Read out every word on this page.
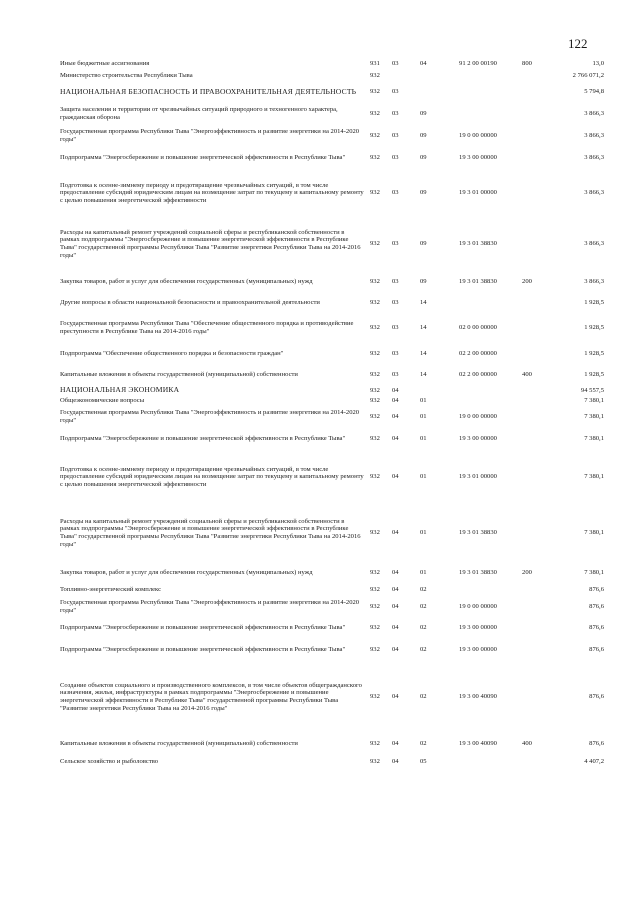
122
Иные бюджетные ассигнования	931	03	04	91 2 00 00190	800	13,0
Министерство строительства Республики Тыва	932					2 766 071,2
НАЦИОНАЛЬНАЯ БЕЗОПАСНОСТЬ И ПРАВООХРАНИТЕЛЬНАЯ ДЕЯТЕЛЬНОСТЬ	932	03				5 794,8
Защита населения и территории от чрезвычайных ситуаций природного и техногенного характера, гражданская оборона	932	03	09			3 866,3
Государственная программа Республики Тыва "Энергоэффективность и развитие энергетики на 2014-2020 годы"	932	03	09	19 0 00 00000		3 866,3
Подпрограмма "Энергосбережение и повышение энергетической эффективности в Республике Тыва"	932	03	09	19 3 00 00000		3 866,3
Подготовка к осенне-зимнему периоду и предотвращение чрезвычайных ситуаций, в том числе предоставление субсидий юридическим лицам на возмещение затрат по текущему и капитальному ремонту с целью повышения энергетической эффективности	932	03	09	19 3 01 00000		3 866,3
Расходы на капитальный ремонт учреждений социальной сферы и республиканской собственности в рамках подпрограммы "Энергосбережение и повышение энергетической эффективности в Республике Тыва" государственной программы Республики Тыва "Развитие энергетики Республики Тыва на 2014-2016 годы"	932	03	09	19 3 01 38830		3 866,3
Закупка товаров, работ и услуг для обеспечения государственных (муниципальных) нужд	932	03	09	19 3 01 38830	200	3 866,3
Другие вопросы в области национальной безопасности и правоохранительной деятельности	932	03	14			1 928,5
Государственная программа Республики Тыва "Обеспечение общественного порядка и противодействие преступности в Республике Тыва на 2014-2016 годы"	932	03	14	02 0 00 00000		1 928,5
Подпрограмма "Обеспечение общественного порядка и безопасности граждан"	932	03	14	02 2 00 00000		1 928,5
Капитальные вложения в объекты государственной (муниципальной) собственности	932	03	14	02 2 00 00000	400	1 928,5
НАЦИОНАЛЬНАЯ ЭКОНОМИКА	932	04				94 557,5
Общеэкономические вопросы	932	04	01			7 380,1
Государственная программа Республики Тыва "Энергоэффективность и развитие энергетики на 2014-2020 годы"	932	04	01	19 0 00 00000		7 380,1
Подпрограмма "Энергосбережение и повышение энергетической эффективности в Республике Тыва"	932	04	01	19 3 00 00000		7 380,1
Подготовка к осенне-зимнему периоду и предотвращение чрезвычайных ситуаций, в том числе предоставление субсидий юридическим лицам на возмещение затрат по текущему и капитальному ремонту с целью повышения энергетической эффективности	932	04	01	19 3 01 00000		7 380,1
Расходы на капитальный ремонт учреждений социальной сферы и республиканской собственности в рамках подпрограммы "Энергосбережение и повышение энергетической эффективности в Республике Тыва" государственной программы Республики Тыва "Развитие энергетики Республики Тыва на 2014-2016 годы"	932	04	01	19 3 01 38830		7 380,1
Закупка товаров, работ и услуг для обеспечения государственных (муниципальных) нужд	932	04	01	19 3 01 38830	200	7 380,1
Топливно-энергетический комплекс	932	04	02			876,6
Государственная программа Республики Тыва "Энергоэффективность и развитие энергетики на 2014-2020 годы"	932	04	02	19 0 00 00000		876,6
Подпрограмма "Энергосбережение и повышение энергетической эффективности в Республике Тыва"	932	04	02	19 3 00 00000		876,6
Подпрограмма "Энергосбережение и повышение энергетической эффективности в Республике Тыва"	932	04	02	19 3 00 00000		876,6
Создание объектов социального и производственного комплексов, в том числе объектов общегражданского назначения, жилья, инфраструктуры в рамках подпрограммы "Энергосбережение и повышение энергетической эффективности в Республике Тыва" государственной программы Республики Тыва "Развитие энергетики Республики Тыва на 2014-2016 годы"	932	04	02	19 3 00 40090		876,6
Капитальные вложения в объекты государственной (муниципальной) собственности	932	04	02	19 3 00 40090	400	876,6
Сельское хозяйство и рыболовство	932	04	05			4 407,2
